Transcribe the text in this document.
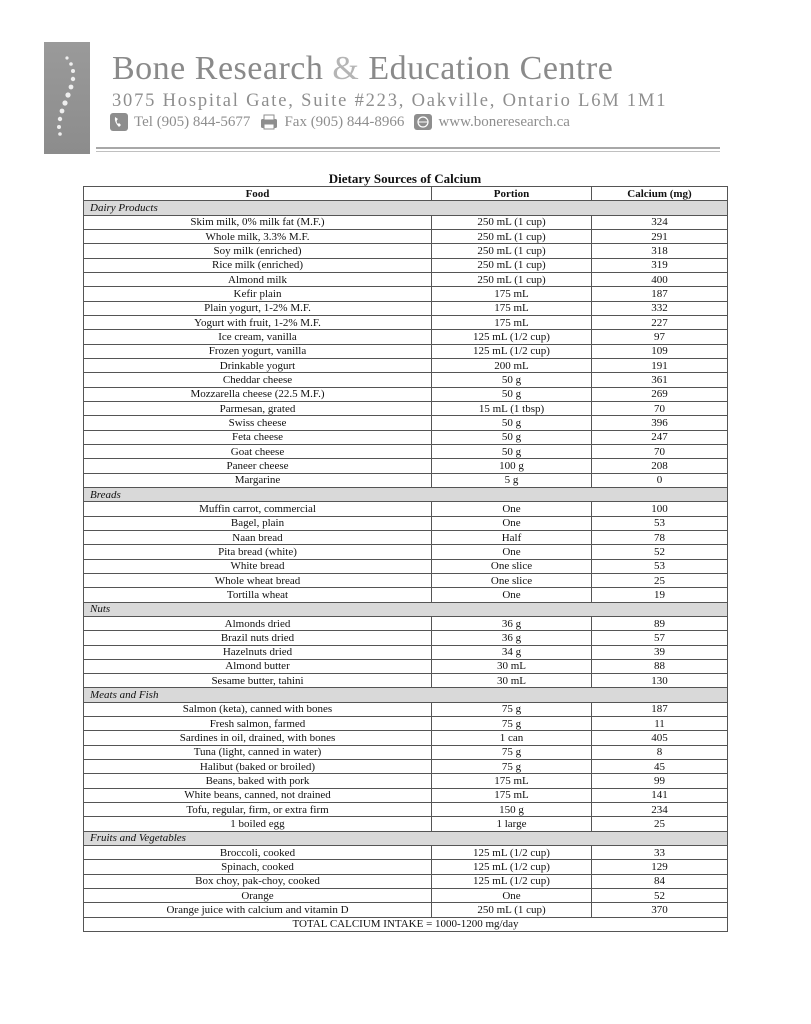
Bone Research & Education Centre
3075 Hospital Gate, Suite #223, Oakville, Ontario L6M 1M1
Tel (905) 844-5677 Fax (905) 844-8966 www.boneresearch.ca
Dietary Sources of Calcium
Food	Portion	Calcium (mg)
Dairy Products		
Skim milk, 0% milk fat (M.F.)	250 mL (1 cup)	324
Whole milk, 3.3% M.F.	250 mL (1 cup)	291
Soy milk (enriched)	250 mL (1 cup)	318
Rice milk (enriched)	250 mL (1 cup)	319
Almond milk	250 mL (1 cup)	400
Kefir plain	175 mL	187
Plain yogurt, 1-2% M.F.	175 mL	332
Yogurt with fruit, 1-2% M.F.	175 mL	227
Ice cream, vanilla	125 mL (1/2 cup)	97
Frozen yogurt, vanilla	125 mL (1/2 cup)	109
Drinkable yogurt	200 mL	191
Cheddar cheese	50 g	361
Mozzarella cheese (22.5 M.F.)	50 g	269
Parmesan, grated	15 mL (1 tbsp)	70
Swiss cheese	50 g	396
Feta cheese	50 g	247
Goat cheese	50 g	70
Paneer cheese	100 g	208
Margarine	5 g	0
Breads		
Muffin carrot, commercial	One	100
Bagel, plain	One	53
Naan bread	Half	78
Pita bread (white)	One	52
White bread	One slice	53
Whole wheat bread	One slice	25
Tortilla wheat	One	19
Nuts		
Almonds dried	36 g	89
Brazil nuts dried	36 g	57
Hazelnuts dried	34 g	39
Almond butter	30 mL	88
Sesame butter, tahini	30 mL	130
Meats and Fish		
Salmon (keta), canned with bones	75 g	187
Fresh salmon, farmed	75 g	11
Sardines in oil, drained, with bones	1 can	405
Tuna (light, canned in water)	75 g	8
Halibut (baked or broiled)	75 g	45
Beans, baked with pork	175 mL	99
White beans, canned, not drained	175 mL	141
Tofu, regular, firm, or extra firm	150 g	234
1 boiled egg	1 large	25
Fruits and Vegetables		
Broccoli, cooked	125 mL (1/2 cup)	33
Spinach, cooked	125 mL (1/2 cup)	129
Box choy, pak-choy, cooked	125 mL (1/2 cup)	84
Orange	One	52
Orange juice with calcium and vitamin D	250 mL (1 cup)	370
TOTAL CALCIUM INTAKE = 1000-1200 mg/day		
